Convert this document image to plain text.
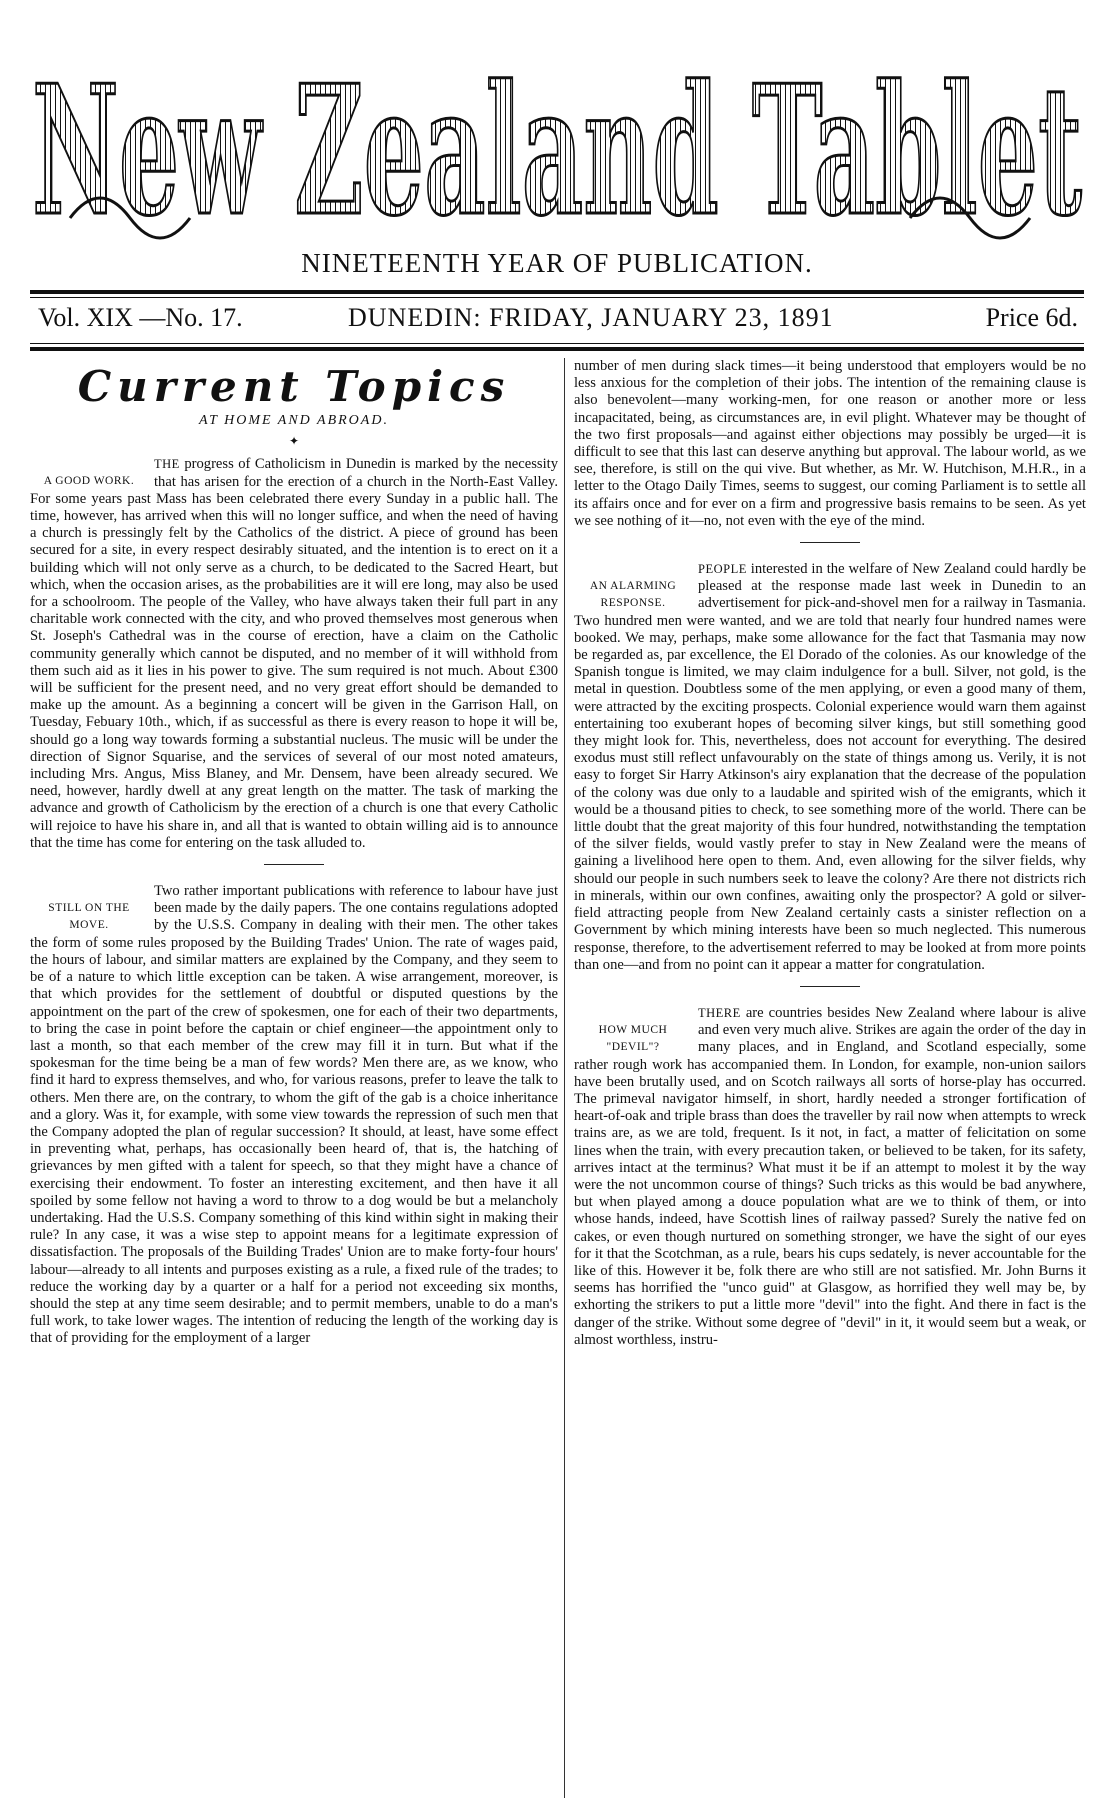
New Zealand Tablet
NINETEENTH YEAR OF PUBLICATION.
Vol. XIX —No. 17.	DUNEDIN: FRIDAY, JANUARY 23, 1891	Price 6d.
Current Topics
AT HOME AND ABROAD.
✦
A GOOD WORK.

THE progress of Catholicism in Dunedin is marked by the necessity that has arisen for the erection of a church in the North-East Valley. For some years past Mass has been celebrated there every Sunday in a public hall. The time, however, has arrived when this will no longer suffice, and when the need of having a church is pressingly felt by the Catholics of the district. A piece of ground has been secured for a site, in every respect desirably situated, and the intention is to erect on it a building which will not only serve as a church, to be dedicated to the Sacred Heart, but which, when the occasion arises, as the probabilities are it will ere long, may also be used for a schoolroom. The people of the Valley, who have always taken their full part in any charitable work connected with the city, and who proved themselves most generous when St. Joseph's Cathedral was in the course of erection, have a claim on the Catholic community generally which cannot be disputed, and no member of it will withhold from them such aid as it lies in his power to give. The sum required is not much. About £300 will be sufficient for the present need, and no very great effort should be demanded to make up the amount. As a beginning a concert will be given in the Garrison Hall, on Tuesday, Febuary 10th., which, if as successful as there is every reason to hope it will be, should go a long way towards forming a substantial nucleus. The music will be under the direction of Signor Squarise, and the services of several of our most noted amateurs, including Mrs. Angus, Miss Blaney, and Mr. Densem, have been already secured. We need, however, hardly dwell at any great length on the matter. The task of marking the advance and growth of Catholicism by the erection of a church is one that every Catholic will rejoice to have his share in, and all that is wanted to obtain willing aid is to announce that the time has come for entering on the task alluded to.

STILL ON THE MOVE.

Two rather important publications with reference to labour have just been made by the daily papers. The one contains regulations adopted by the U.S.S. Company in dealing with their men. The other takes the form of some rules proposed by the Building Trades' Union. The rate of wages paid, the hours of labour, and similar matters are explained by the Company, and they seem to be of a nature to which little exception can be taken. A wise arrangement, moreover, is that which provides for the settlement of doubtful or disputed questions by the appointment on the part of the crew of spokesmen, one for each of their two departments, to bring the case in point before the captain or chief engineer—the appointment only to last a month, so that each member of the crew may fill it in turn. But what if the spokesman for the time being be a man of few words? Men there are, as we know, who find it hard to express themselves, and who, for various reasons, prefer to leave the talk to others. Men there are, on the contrary, to whom the gift of the gab is a choice inheritance and a glory. Was it, for example, with some view towards the repression of such men that the Company adopted the plan of regular succession? It should, at least, have some effect in preventing what, perhaps, has occasionally been heard of, that is, the hatching of grievances by men gifted with a talent for speech, so that they might have a chance of exercising their endowment. To foster an interesting excitement, and then have it all spoiled by some fellow not having a word to throw to a dog would be but a melancholy undertaking. Had the U.S.S. Company something of this kind within sight in making their rule? In any case, it was a wise step to appoint means for a legitimate expression of dissatisfaction. The proposals of the Building Trades' Union are to make forty-four hours' labour—already to all intents and purposes existing as a rule, a fixed rule of the trades; to reduce the working day by a quarter or a half for a period not exceeding six months, should the step at any time seem desirable; and to permit members, unable to do a man's full work, to take lower wages. The intention of reducing the length of the working day is that of providing for the employment of a larger

number of men during slack times—it being understood that employers would be no less anxious for the completion of their jobs. The intention of the remaining clause is also benevolent—many working-men, for one reason or another more or less incapacitated, being, as circumstances are, in evil plight. Whatever may be thought of the two first proposals—and against either objections may possibly be urged—it is difficult to see that this last can deserve anything but approval. The labour world, as we see, therefore, is still on the qui vive. But whether, as Mr. W. Hutchison, M.H.R., in a letter to the Otago Daily Times, seems to suggest, our coming Parliament is to settle all its affairs once and for ever on a firm and progressive basis remains to be seen. As yet we see nothing of it—no, not even with the eye of the mind.

AN ALARMING RESPONSE.

PEOPLE interested in the welfare of New Zealand could hardly be pleased at the response made last week in Dunedin to an advertisement for pick-and-shovel men for a railway in Tasmania. Two hundred men were wanted, and we are told that nearly four hundred names were booked. We may, perhaps, make some allowance for the fact that Tasmania may now be regarded as, par excellence, the El Dorado of the colonies. As our knowledge of the Spanish tongue is limited, we may claim indulgence for a bull. Silver, not gold, is the metal in question. Doubtless some of the men applying, or even a good many of them, were attracted by the exciting prospects. Colonial experience would warn them against entertaining too exuberant hopes of becoming silver kings, but still something good they might look for. This, nevertheless, does not account for everything. The desired exodus must still reflect unfavourably on the state of things among us. Verily, it is not easy to forget Sir Harry Atkinson's airy explanation that the decrease of the population of the colony was due only to a laudable and spirited wish of the emigrants, which it would be a thousand pities to check, to see something more of the world. There can be little doubt that the great majority of this four hundred, notwithstanding the temptation of the silver fields, would vastly prefer to stay in New Zealand were the means of gaining a livelihood here open to them. And, even allowing for the silver fields, why should our people in such numbers seek to leave the colony? Are there not districts rich in minerals, within our own confines, awaiting only the prospector? A gold or silver-field attracting people from New Zealand certainly casts a sinister reflection on a Government by which mining interests have been so much neglected. This numerous response, therefore, to the advertisement referred to may be looked at from more points than one—and from no point can it appear a matter for congratulation.

HOW MUCH "DEVIL"?

THERE are countries besides New Zealand where labour is alive and even very much alive. Strikes are again the order of the day in many places, and in England, and Scotland especially, some rather rough work has accompanied them. In London, for example, non-union sailors have been brutally used, and on Scotch railways all sorts of horse-play has occurred. The primeval navigator himself, in short, hardly needed a stronger fortification of heart-of-oak and triple brass than does the traveller by rail now when attempts to wreck trains are, as we are told, frequent. Is it not, in fact, a matter of felicitation on some lines when the train, with every precaution taken, or believed to be taken, for its safety, arrives intact at the terminus? What must it be if an attempt to molest it by the way were the not uncommon course of things? Such tricks as this would be bad anywhere, but when played among a douce population what are we to think of them, or into whose hands, indeed, have Scottish lines of railway passed? Surely the native fed on cakes, or even though nurtured on something stronger, we have the sight of our eyes for it that the Scotchman, as a rule, bears his cups sedately, is never accountable for the like of this. However it be, folk there are who still are not satisfied. Mr. John Burns it seems has horrified the "unco guid" at Glasgow, as horrified they well may be, by exhorting the strikers to put a little more "devil" into the fight. And there in fact is the danger of the strike. Without some degree of "devil" in it, it would seem but a weak, or almost worthless, instru-
